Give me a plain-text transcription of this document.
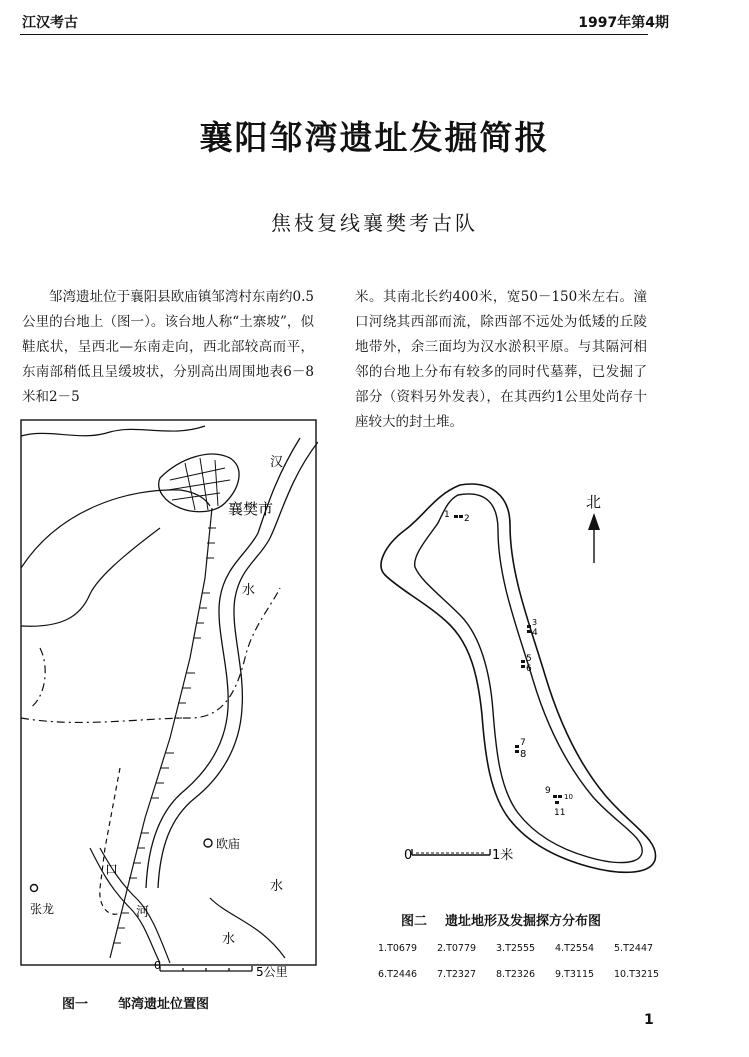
江汉考古	1997年第4期
襄阳邹湾遗址发掘简报
焦枝复线襄樊考古队
邹湾遗址位于襄阳县欧庙镇邹湾村东南约0.5公里的台地上（图一）。该台地人称“土寨坡”，似鞋底状，呈西北—东南走向，西北部较高而平，东南部稍低且呈缓坡状，分别高出周围地表6－8米和2－5
米。其南北长约400米，宽50－150米左右。潼口河绕其西部而流，除西部不远处为低矮的丘陵地带外，余三面均为汉水淤积平原。与其隔河相邻的台地上分布有较多的同时代墓葬，已发掘了部分（资料另外发表），在其西约1公里处尚存十座较大的封土堆。
襄樊市
汉
水
水
水
口
河
欧庙
张龙
0	5公里
图一 邹湾遗址位置图
1 2
3
4
5
6
7
8
9
10
11
北
0	1米
图二 遗址地形及发掘探方分布图
1.T0679 2.T0779 3.T2555 4.T2554 5.T2447
6.T2446 7.T2327 8.T2326 9.T3115 10.T3215
1
